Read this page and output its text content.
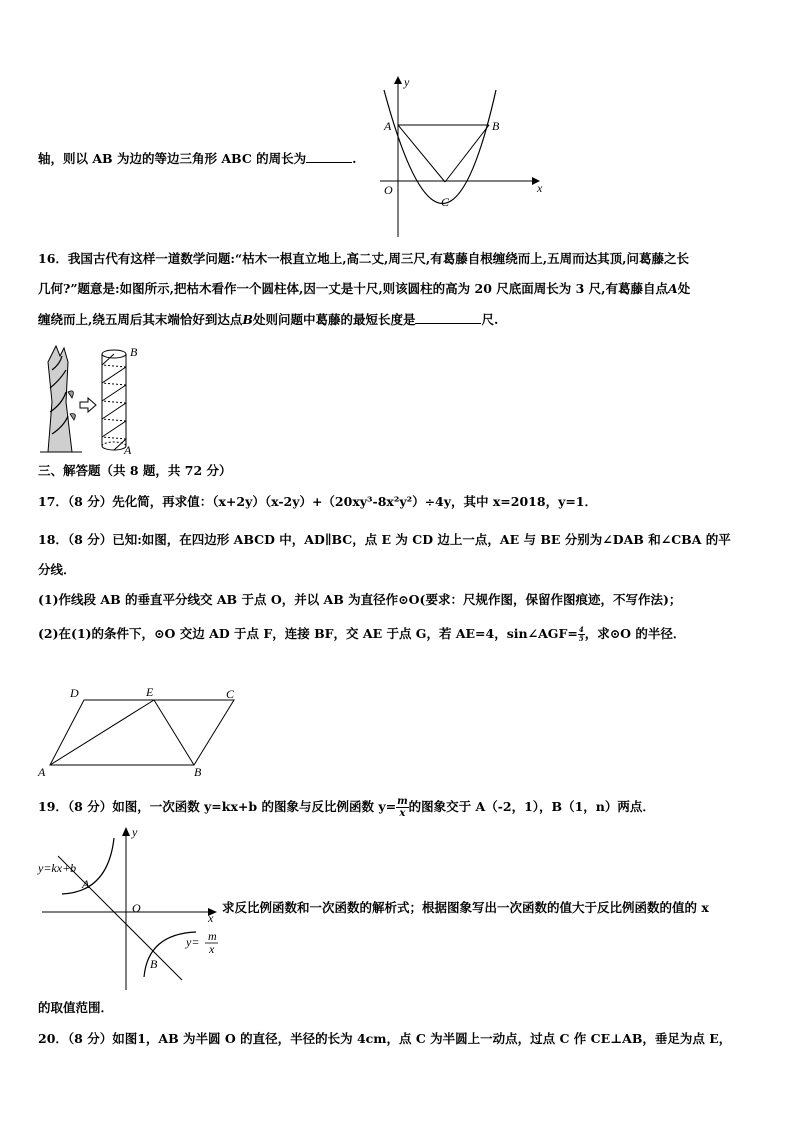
轴，则以 AB 为边的等边三角形 ABC 的周长为	.
y
x
O
A	B
C
16．我国古代有这样一道数学问题:“枯木一根直立地上,高二丈,周三尺,有葛藤自根缠绕而上,五周而达其顶,问葛藤之长
几何?”题意是:如图所示,把枯木看作一个圆柱体,因一丈是十尺,则该圆柱的高为 20 尺底面周长为 3 尺,有葛藤自点A处
缠绕而上,绕五周后其末端恰好到达点B处则问题中葛藤的最短长度是	尺.
B
A
三、解答题（共 8 题，共 72 分）
17．（8 分）先化简，再求值：（x+2y）（x-2y）+（20xy³-8x²y²）÷4y，其中 x=2018，y=1．
18．（8 分）已知:如图，在四边形 ABCD 中，AD∥BC，点 E 为 CD 边上一点，AE 与 BE 分别为∠DAB 和∠CBA 的平
分线．
(1)作线段 AB 的垂直平分线交 AB 于点 O，并以 AB 为直径作⊙O(要求：尺规作图，保留作图痕迹，不写作法)；
(2)在(1)的条件下，⊙O 交边 AD 于点 F，连接 BF，交 AE 于点 G，若 AE=4，sin∠AGF= $\frac{4}{5}$ ，求⊙O 的半径．
D	E	C
A	B
19．（8 分）如图，一次函数 y=kx+b 的图象与反比例函数 $y= \frac{m}{x}$ 的图象交于 A（-2，1），B（1，n）两点．
y
x
O
A
B
y=kx+b
y= m
x
求反比例函数和一次函数的解析式；根据图象写出一次函数的值大于反比例函数的值的 x
的取值范围．
20．（8 分）如图1，AB 为半圆 O 的直径，半径的长为 4cm，点 C 为半圆上一动点，过点 C 作 CE⊥AB，垂足为点 E，
